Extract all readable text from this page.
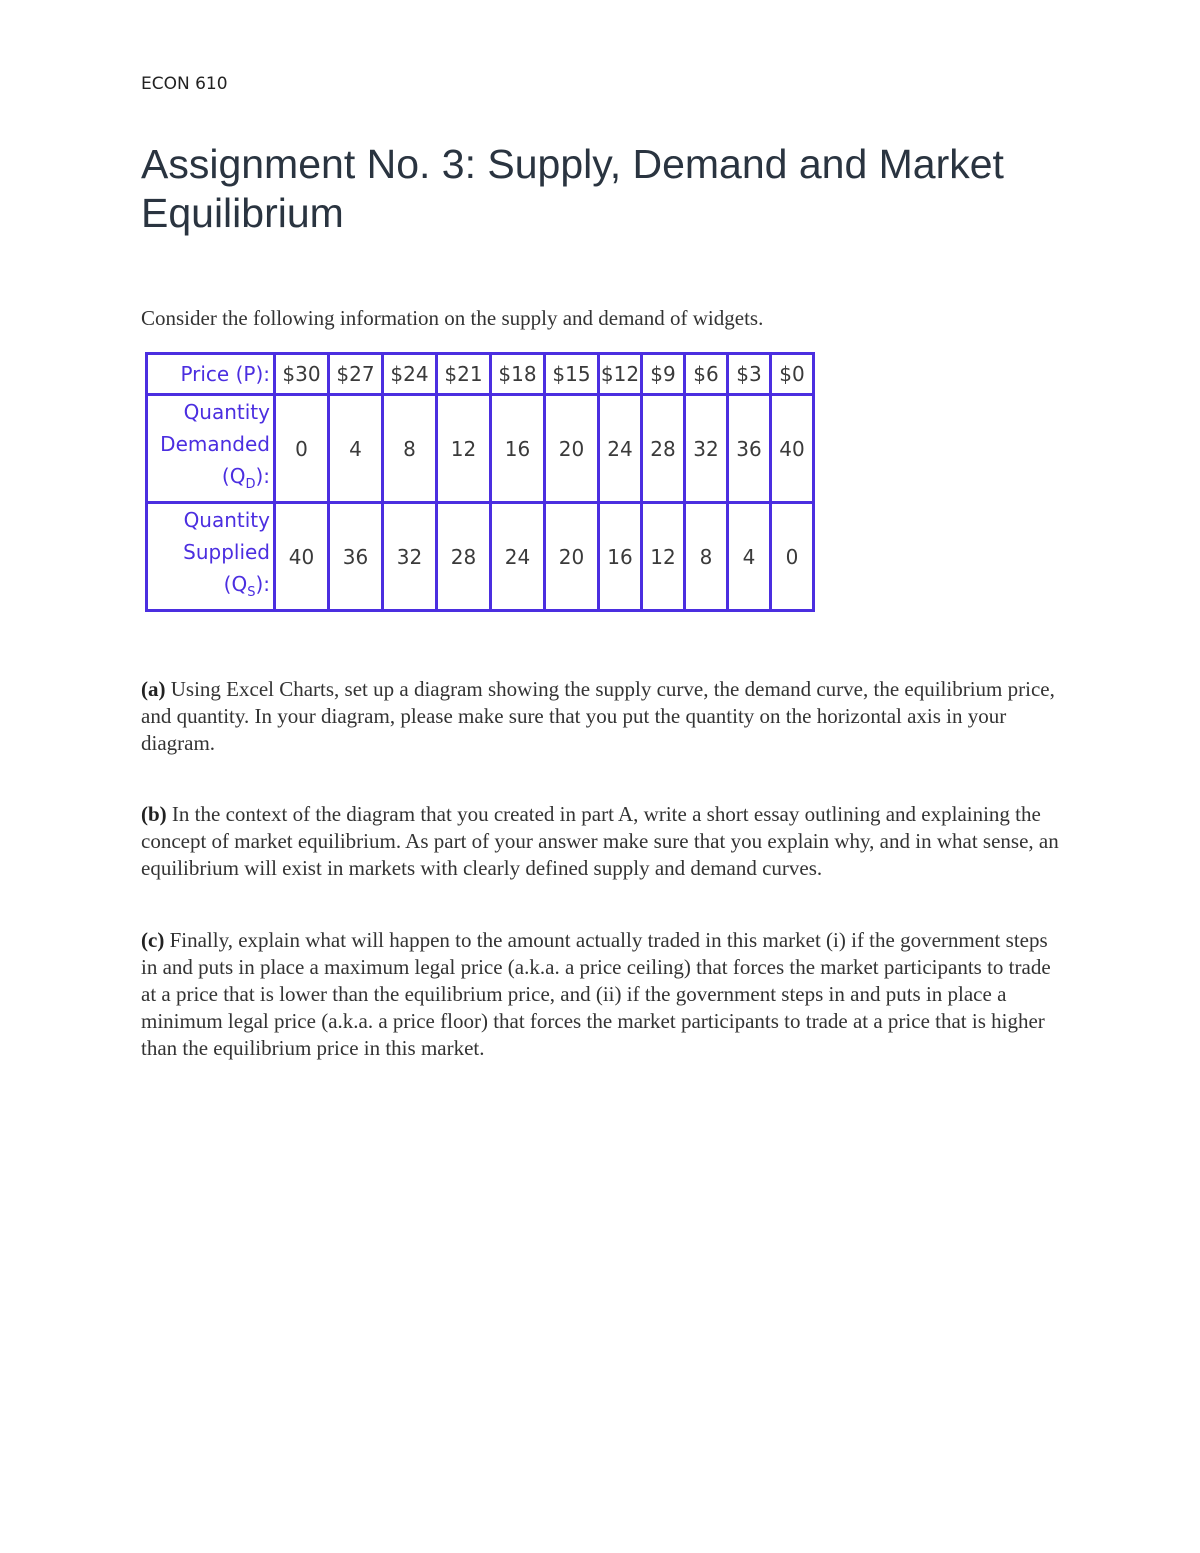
ECON 610
Assignment No. 3: Supply, Demand and Market Equilibrium

Consider the following information on the supply and demand of widgets.

Price (P):	$30	$27	$24	$21	$18	$15	$12	$9	$6	$3	$0
Quantity
Demanded
$(Q_D)$:	0	4	8	12	16	20	24	28	32	36	40
Quantity
Supplied
$(Q_S)$:	40	36	32	28	24	20	16	12	8	4	0

(a) Using Excel Charts, set up a diagram showing the supply curve, the demand curve, the equilibrium price, and quantity. In your diagram, please make sure that you put the quantity on the horizontal axis in your diagram.

(b) In the context of the diagram that you created in part A, write a short essay outlining and explaining the concept of market equilibrium. As part of your answer make sure that you explain why, and in what sense, an equilibrium will exist in markets with clearly defined supply and demand curves.

(c) Finally, explain what will happen to the amount actually traded in this market (i) if the government steps in and puts in place a maximum legal price (a.k.a. a price ceiling) that forces the market participants to trade at a price that is lower than the equilibrium price, and (ii) if the government steps in and puts in place a minimum legal price (a.k.a. a price floor) that forces the market participants to trade at a price that is higher than the equilibrium price in this market.
